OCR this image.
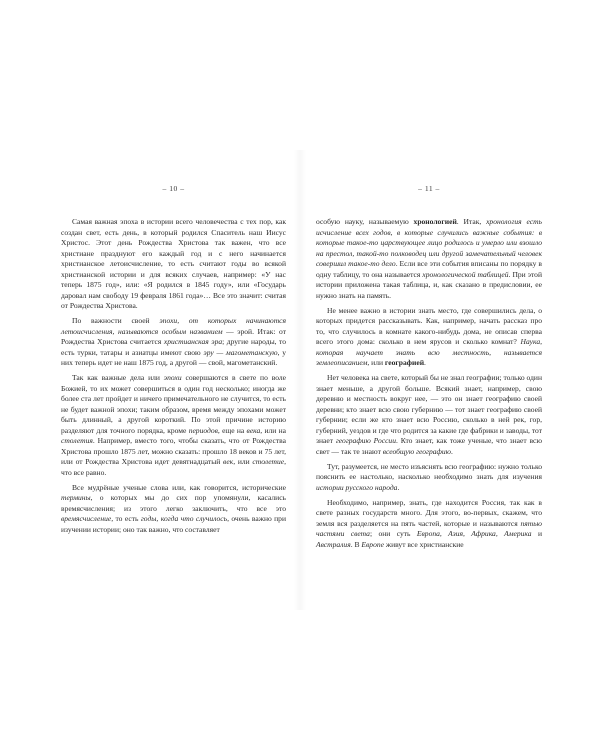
– 10 –

Самая важная эпоха в истории всего человечества с тех пор, как создан свет, есть день, в который родился Спаситель наш Иисус Христос. Этот день Рождества Христова так важен, что все христиане празднуют его каждый год и с него начинается христианское летоисчисление, то есть считают годы во всякой христианской истории и для всяких случаев, например: «У нас теперь 1875 год», или: «Я родился в 1845 году», или «Государь даровал нам свободу 19 февраля 1861 года»… Все это значит: считая от Рождества Христова.

По важности своей эпохи, от которых начинаются летоисчисления, называются особым названием — эрой. Итак: от Рождества Христова считается христианская эра; другие народы, то есть турки, татары и азиатцы имеют свою эру — магометанскую, у них теперь идет не наш 1875 год, а другой — свой, магометанский.

Так как важные дела или эпохи совершаются в свете по воле Божией, то их может совершиться в один год несколько; иногда же более ста лет пройдет и ничего примечательного не случится, то есть не будет важной эпохи; таким образом, время между эпохами может быть длинный, а другой короткий. По этой причине историю разделяют для точного порядка, кроме периодов, еще на века, или на столетия. Например, вместо того, чтобы сказать, что от Рождества Христова прошло 1875 лет, можно сказать: прошло 18 веков и 75 лет, или от Рождества Христова идет девятнадцатый век, или столетие, что все равно.

Все мудрёные ученые слова или, как говорится, исторические термины, о которых мы до сих пор упомянули, касались времясчисления; из этого легко заключить, что все это времясчисление, то есть годы, когда что случилось, очень важно при изучении истории; оно так важно, что составляет

– 11 –

особую науку, называемую хронологией. Итак, хронология есть исчисление всех годов, в которые случились важные события: в которые такое-то царствующее лицо родилось и умерло или взошло на престол, такой-то полководец или другой замечательный человек совершил такое-то дело. Если все эти события вписаны по порядку в одну таблицу, то она называется хронологической таблицей. При этой истории приложена такая таблица, и, как сказано в предисловии, ее нужно знать на память.

Не менее важно в истории знать место, где совершились дела, о которых придется рассказывать. Как, например, начать рассказ про то, что случилось в комнате какого-нибудь дома, не описав сперва всего этого дома: сколько в нем ярусов и сколько комнат? Наука, которая научает знать всю местность, называется землеописанием, или географией.

Нет человека на свете, который бы не знал географии; только один знает меньше, а другой больше. Всякий знает, например, свою деревню и местность вокруг нее, — это он знает географию своей деревни; кто знает всю свою губернию — тот знает географию своей губернии; если же кто знает всю Россию, сколько в ней рек, гор, губерний, уездов и где что родится за какие где фабрики и заводы, тот знает географию России. Кто знает, как тоже ученые, что знает всю свет — так те знают всеобщую географию.

Тут, разумеется, не место изъяснять всю географию: нужно только пояснить ее настолько, насколько необходимо знать для изучения истории русского народа.

Необходимо, например, знать, где находится Россия, так как в свете разных государств много. Для этого, во-первых, скажем, что земля вся разделяется на пять частей, которые и называются пятью частями света; они суть Европа, Азия, Африка, Америка и Австралия. В Европе живут все христианские
